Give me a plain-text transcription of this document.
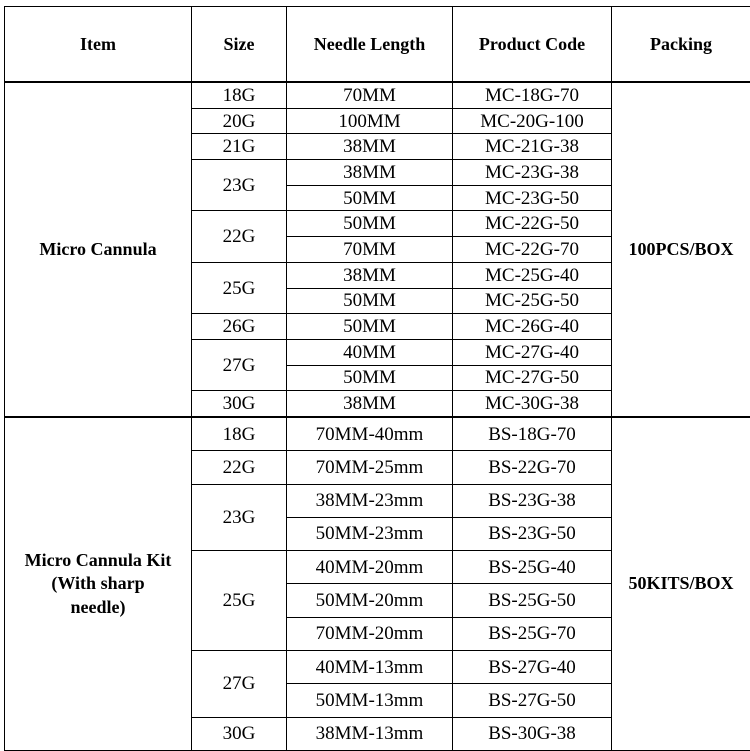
Item	Size	Needle Length	Product Code	Packing
Micro Cannula	18G	70MM	MC-18G-70	100PCS/BOX
	20G	100MM	MC-20G-100	
	21G	38MM	MC-21G-38	
	23G	38MM	MC-23G-38	
		50MM	MC-23G-50	
	22G	50MM	MC-22G-50	
		70MM	MC-22G-70	
	25G	38MM	MC-25G-40	
		50MM	MC-25G-50	
	26G	50MM	MC-26G-40	
	27G	40MM	MC-27G-40	
		50MM	MC-27G-50	
	30G	38MM	MC-30G-38	
Micro Cannula Kit
(With sharp
needle)	18G	70MM-40mm	BS-18G-70	50KITS/BOX
	22G	70MM-25mm	BS-22G-70	
	23G	38MM-23mm	BS-23G-38	
		50MM-23mm	BS-23G-50	
	25G	40MM-20mm	BS-25G-40	
		50MM-20mm	BS-25G-50	
		70MM-20mm	BS-25G-70	
	27G	40MM-13mm	BS-27G-40	
		50MM-13mm	BS-27G-50	
	30G	38MM-13mm	BS-30G-38	
